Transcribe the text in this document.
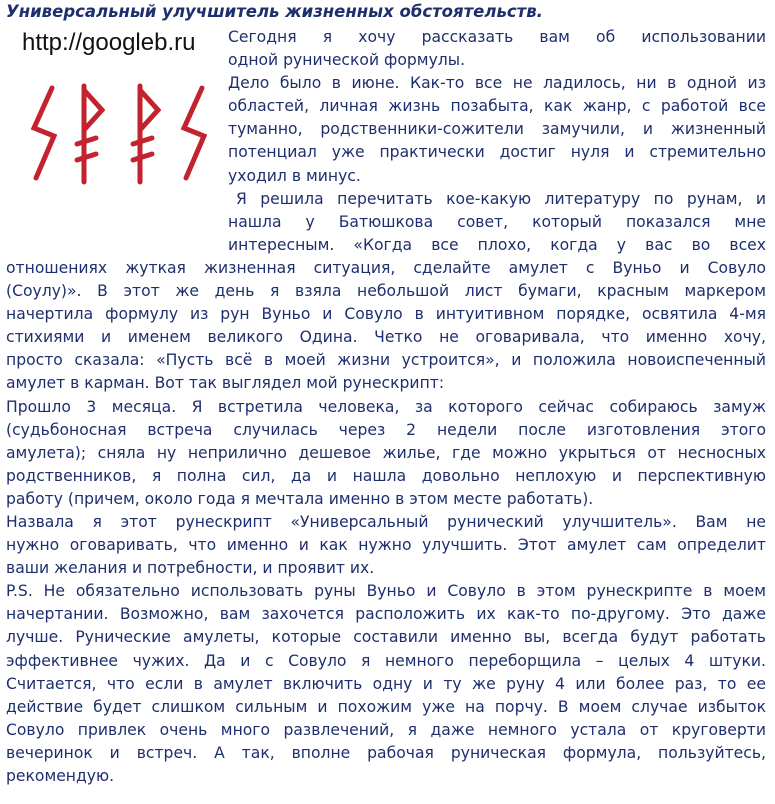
Универсальный улучшитель жизненных обстоятельств.
http://googleb.ru	Сегодня я хочу рассказать вам об использовании
одной рунической формулы.
Дело было в июне. Как-то все не ладилось, ни в одной из
областей, личная жизнь позабыта, как жанр, с работой все
туманно, родственники-сожители замучили, и жизненный
потенциал уже практически достиг нуля и стремительно
уходил в минус.
Я решила перечитать кое-какую литературу по рунам, и
нашла у Батюшкова совет, который показался мне
интересным. «Когда все плохо, когда у вас во всех
отношениях жуткая жизненная ситуация, сделайте амулет с Вуньо и Совуло
(Соулу)». В этот же день я взяла небольшой лист бумаги, красным маркером
начертила формулу из рун Вуньо и Совуло в интуитивном порядке, освятила 4-мя
стихиями и именем великого Одина. Четко не оговаривала, что именно хочу,
просто сказала: «Пусть всё в моей жизни устроится», и положила новоиспеченный
амулет в карман. Вот так выглядел мой рунескрипт:
Прошло 3 месяца. Я встретила человека, за которого сейчас собираюсь замуж
(судьбоносная встреча случилась через 2 недели после изготовления этого
амулета); сняла ну неприлично дешевое жилье, где можно укрыться от несносных
родственников, я полна сил, да и нашла довольно неплохую и перспективную
работу (причем, около года я мечтала именно в этом месте работать).
Назвала я этот рунескрипт «Универсальный рунический улучшитель». Вам не
нужно оговаривать, что именно и как нужно улучшить. Этот амулет сам определит
ваши желания и потребности, и проявит их.
P.S. Не обязательно использовать руны Вуньо и Совуло в этом рунескрипте в моем
начертании. Возможно, вам захочется расположить их как-то по-другому. Это даже
лучше. Рунические амулеты, которые составили именно вы, всегда будут работать
эффективнее чужих. Да и с Совуло я немного переборщила – целых 4 штуки.
Считается, что если в амулет включить одну и ту же руну 4 или более раз, то ее
действие будет слишком сильным и похожим уже на порчу. В моем случае избыток
Совуло привлек очень много развлечений, я даже немного устала от круговерти
вечеринок и встреч. А так, вполне рабочая руническая формула, пользуйтесь,
рекомендую.
